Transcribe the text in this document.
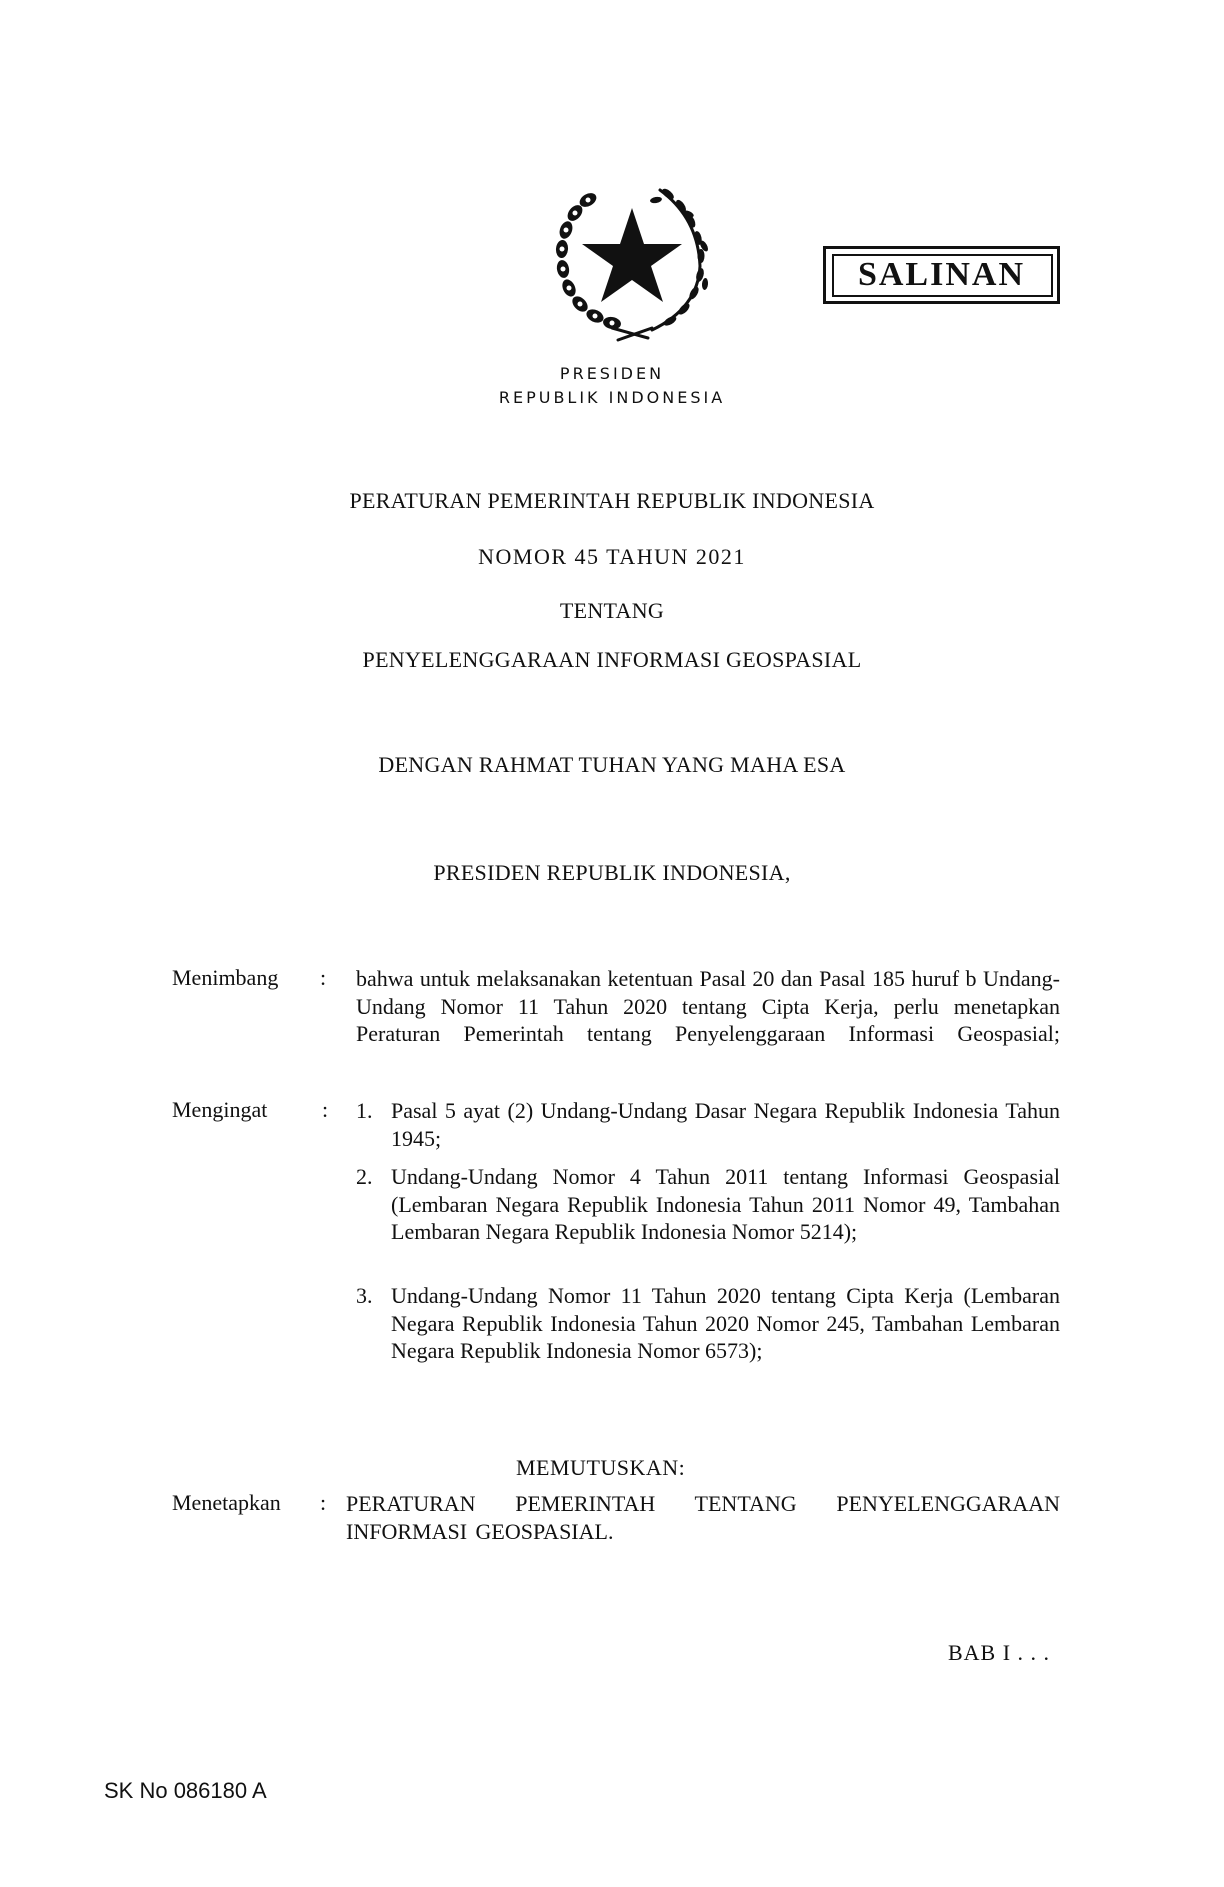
SALINAN
PRESIDEN
REPUBLIK INDONESIA
PERATURAN PEMERINTAH REPUBLIK INDONESIA
NOMOR 45 TAHUN 2021
TENTANG
PENYELENGGARAAN INFORMASI GEOSPASIAL
DENGAN RAHMAT TUHAN YANG MAHA ESA
PRESIDEN REPUBLIK INDONESIA,
Menimbang : bahwa untuk melaksanakan ketentuan Pasal 20 dan Pasal 185 huruf b Undang-Undang Nomor 11 Tahun 2020 tentang Cipta Kerja, perlu menetapkan Peraturan Pemerintah tentang Penyelenggaraan Informasi Geospasial;
Mengingat : 1. Pasal 5 ayat (2) Undang-Undang Dasar Negara Republik Indonesia Tahun 1945;
2. Undang-Undang Nomor 4 Tahun 2011 tentang Informasi Geospasial (Lembaran Negara Republik Indonesia Tahun 2011 Nomor 49, Tambahan Lembaran Negara Republik Indonesia Nomor 5214);
3. Undang-Undang Nomor 11 Tahun 2020 tentang Cipta Kerja (Lembaran Negara Republik Indonesia Tahun 2020 Nomor 245, Tambahan Lembaran Negara Republik Indonesia Nomor 6573);
MEMUTUSKAN:
Menetapkan : PERATURAN PEMERINTAH TENTANG PENYELENGGARAAN INFORMASI GEOSPASIAL.
BAB I . . .
SK No 086180 A
